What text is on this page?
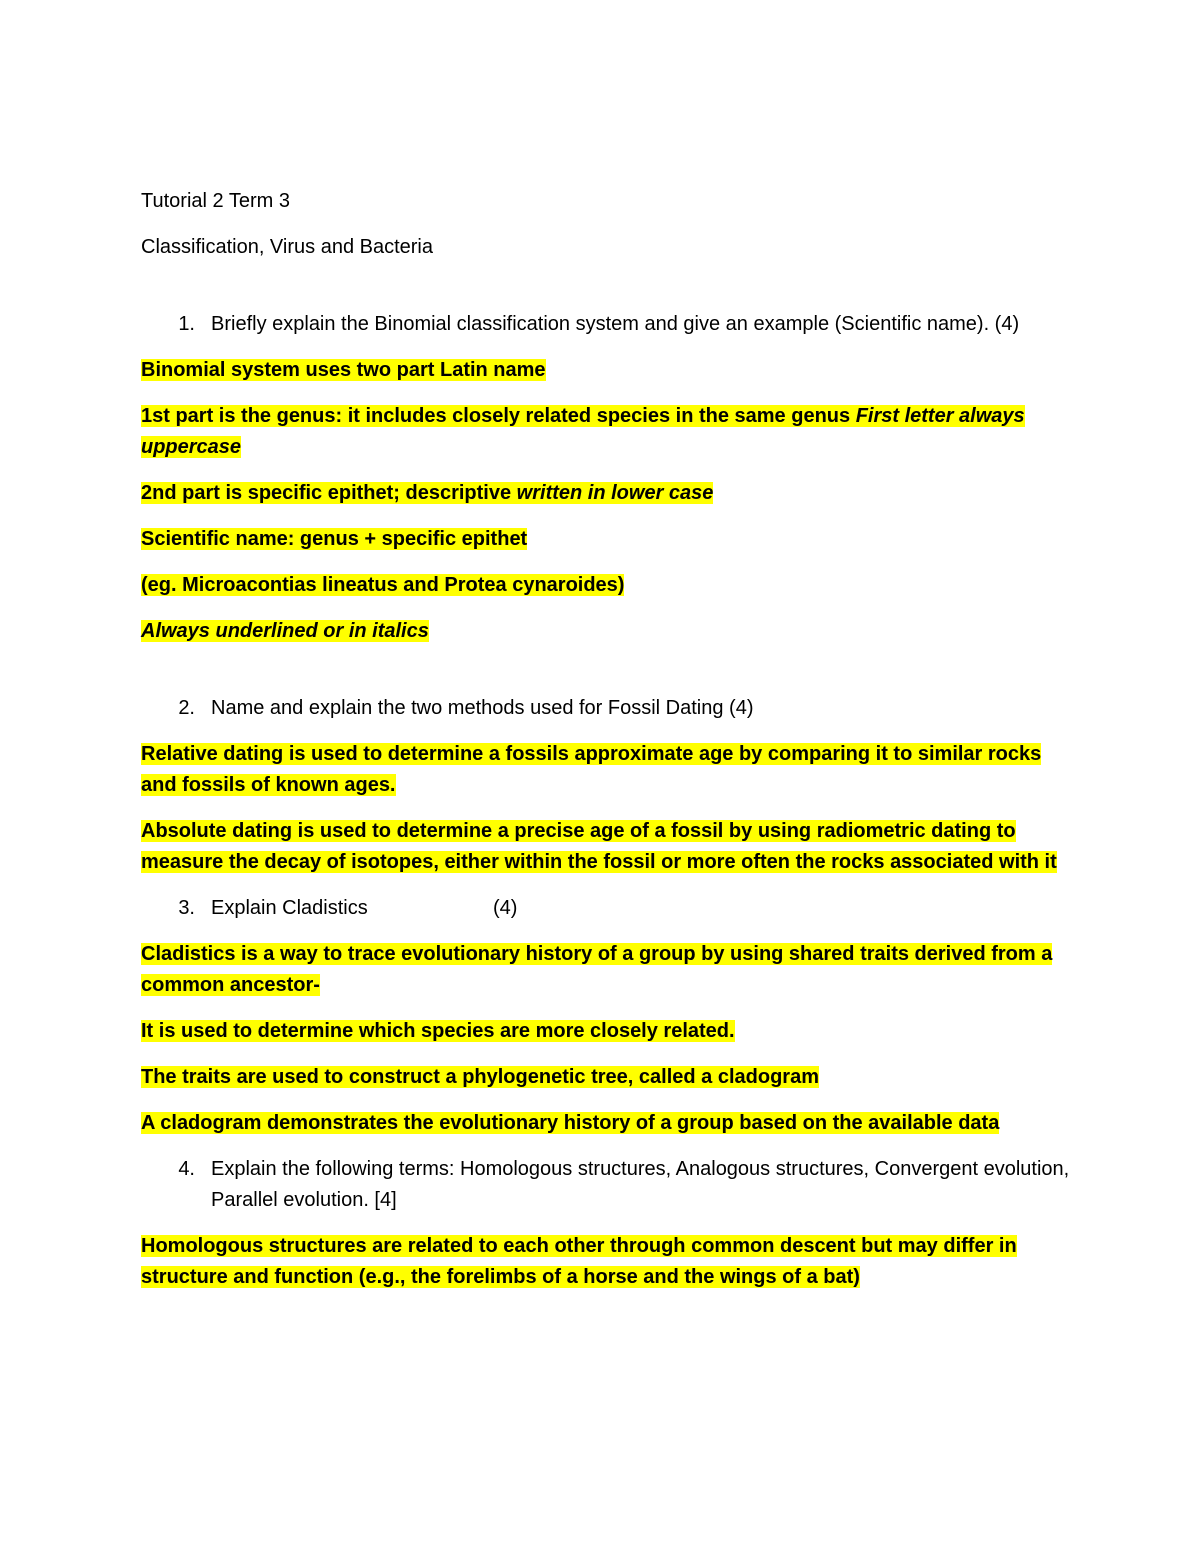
Tutorial 2 Term 3

Classification, Virus and Bacteria

1. Briefly explain the Binomial classification system and give an example (Scientific name). (4)

Binomial system uses two part Latin name

1st part is the genus: it includes closely related species in the same genus First letter always uppercase

2nd part is specific epithet; descriptive written in lower case

Scientific name: genus + specific epithet

(eg. Microacontias lineatus and Protea cynaroides)

Always underlined or in italics

2. Name and explain the two methods used for Fossil Dating (4)

Relative dating is used to determine a fossils approximate age by comparing it to similar rocks and fossils of known ages.

Absolute dating is used to determine a precise age of a fossil by using radiometric dating to measure the decay of isotopes, either within the fossil or more often the rocks associated with it

3. Explain Cladistics	(4)

Cladistics is a way to trace evolutionary history of a group by using shared traits derived from a common ancestor-

It is used to determine which species are more closely related.

The traits are used to construct a phylogenetic tree, called a cladogram

A cladogram demonstrates the evolutionary history of a group based on the available data

4. Explain the following terms: Homologous structures, Analogous structures, Convergent evolution, Parallel evolution. [4]

Homologous structures are related to each other through common descent but may differ in structure and function (e.g., the forelimbs of a horse and the wings of a bat)
